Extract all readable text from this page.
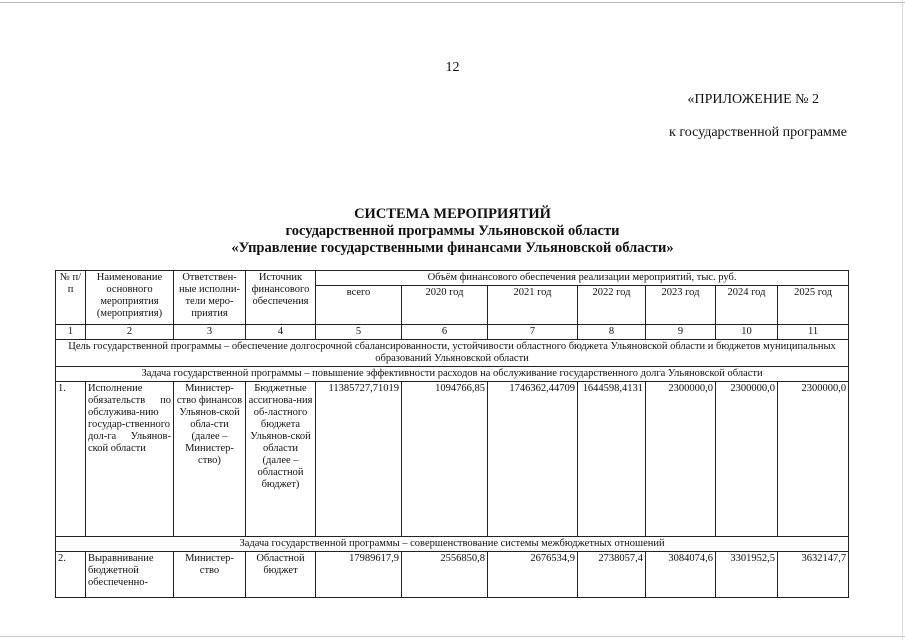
12
«ПРИЛОЖЕНИЕ № 2
к государственной программе
СИСТЕМА МЕРОПРИЯТИЙ
государственной программы Ульяновской области
«Управление государственными финансами Ульяновской области»
№ п/п	Наименование основного мероприятия (мероприятия)	Ответствен-ные исполни-тели меро-приятия	Источник финансового обеспечения	Объём финансового обеспечения реализации мероприятий, тыс. руб.						
				всего	2020 год	2021 год	2022 год	2023 год	2024 год	2025 год
1	2	3	4	5	6	7	8	9	10	11
Цель государственной программы – обеспечение долгосрочной сбалансированности, устойчивости областного бюджета Ульяновской области и бюджетов муниципальных образований Ульяновской области										
Задача государственной программы – повышение эффективности расходов на обслуживание государственного долга Ульяновской области										
1.	Исполнение обязательств по обслужива-нию государ-ственного дол-га Ульянов-ской области	Министер-ство финансов Ульянов-ской обла-сти (далее – Министер-ство)	Бюджетные ассигнова-ния об-ластного бюджета Ульянов-ской области (далее – областной бюджет)	11385727,71019	1094766,85	1746362,44709	1644598,4131	2300000,0	2300000,0	2300000,0
Задача государственной программы – совершенствование системы межбюджетных отношений										
2.	Выравнивание бюджетной обеспеченно-	Министер-ство	Областной бюджет	17989617,9	2556850,8	2676534,9	2738057,4	3084074,6	3301952,5	3632147,7
